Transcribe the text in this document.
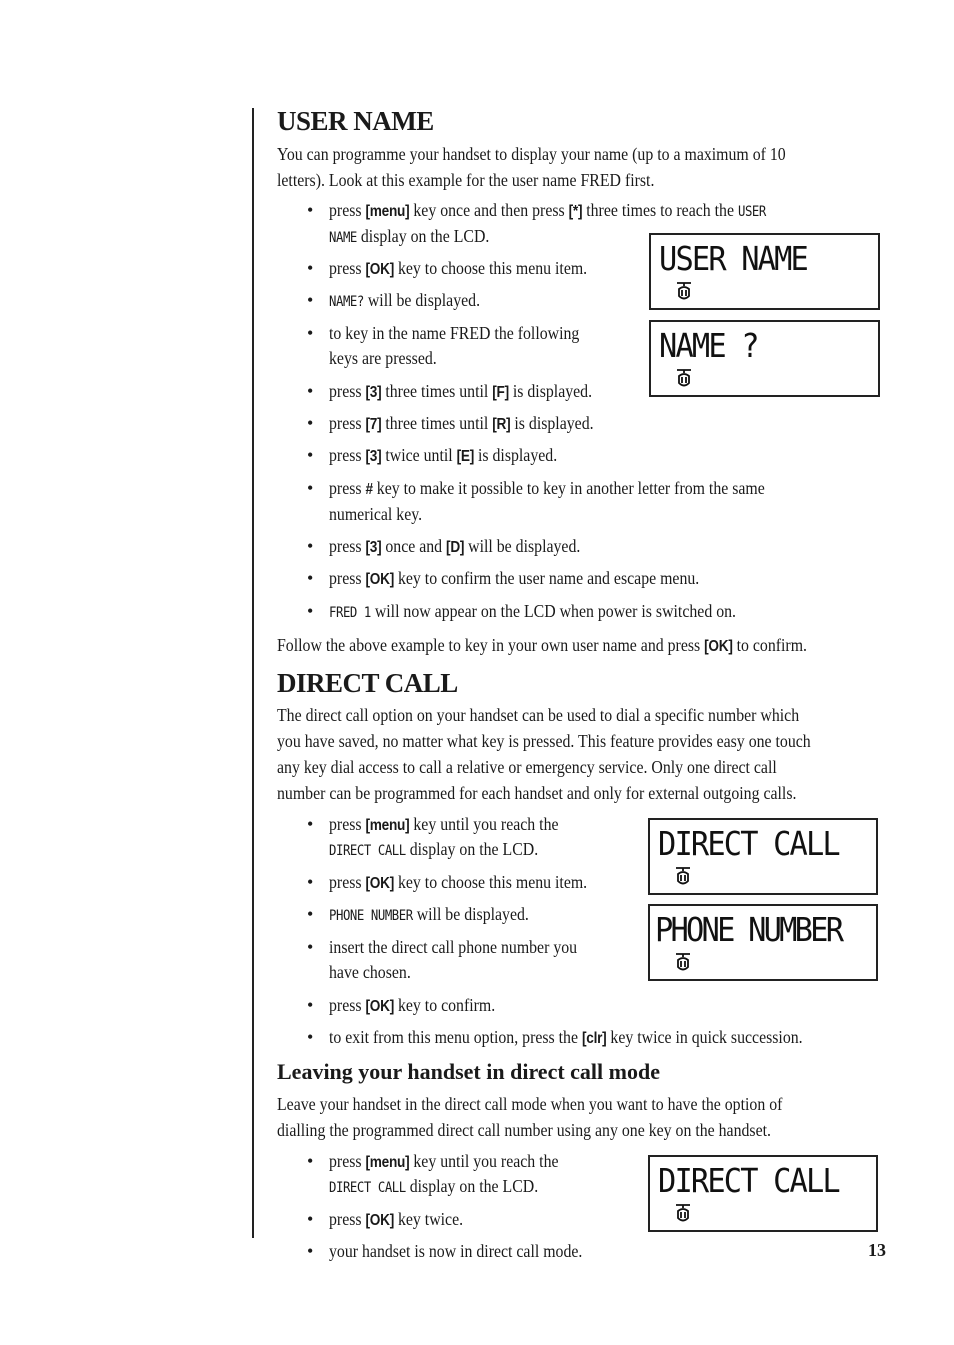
USER NAME
You can programme your handset to display your name (up to a maximum of 10
letters). Look at this example for the user name FRED first.
• press [menu] key once and then press [*] three times to reach the USER
NAME display on the LCD.
• press [OK] key to choose this menu item.
• NAME? will be displayed.
• to key in the name FRED the following
keys are pressed.
• press [3] three times until [F] is displayed.
• press [7] three times until [R] is displayed.
• press [3] twice until [E] is displayed.
• press # key to make it possible to key in another letter from the same
numerical key.
• press [3] once and [D] will be displayed.
• press [OK] key to confirm the user name and escape menu.
• FRED 1 will now appear on the LCD when power is switched on.
Follow the above example to key in your own user name and press [OK] to confirm.
USER NAME
NAME ?
DIRECT CALL
The direct call option on your handset can be used to dial a specific number which
you have saved, no matter what key is pressed. This feature provides easy one touch
any key dial access to call a relative or emergency service. Only one direct call
number can be programmed for each handset and only for external outgoing calls.
• press [menu] key until you reach the
DIRECT CALL display on the LCD.
• press [OK] key to choose this menu item.
• PHONE NUMBER will be displayed.
• insert the direct call phone number you
have chosen.
• press [OK] key to confirm.
• to exit from this menu option, press the [clr] key twice in quick succession.
DIRECT CALL
PHONE NUMBER
Leaving your handset in direct call mode
Leave your handset in the direct call mode when you want to have the option of
dialling the programmed direct call number using any one key on the handset.
• press [menu] key until you reach the
DIRECT CALL display on the LCD.
• press [OK] key twice.
• your handset is now in direct call mode.
DIRECT CALL
13
